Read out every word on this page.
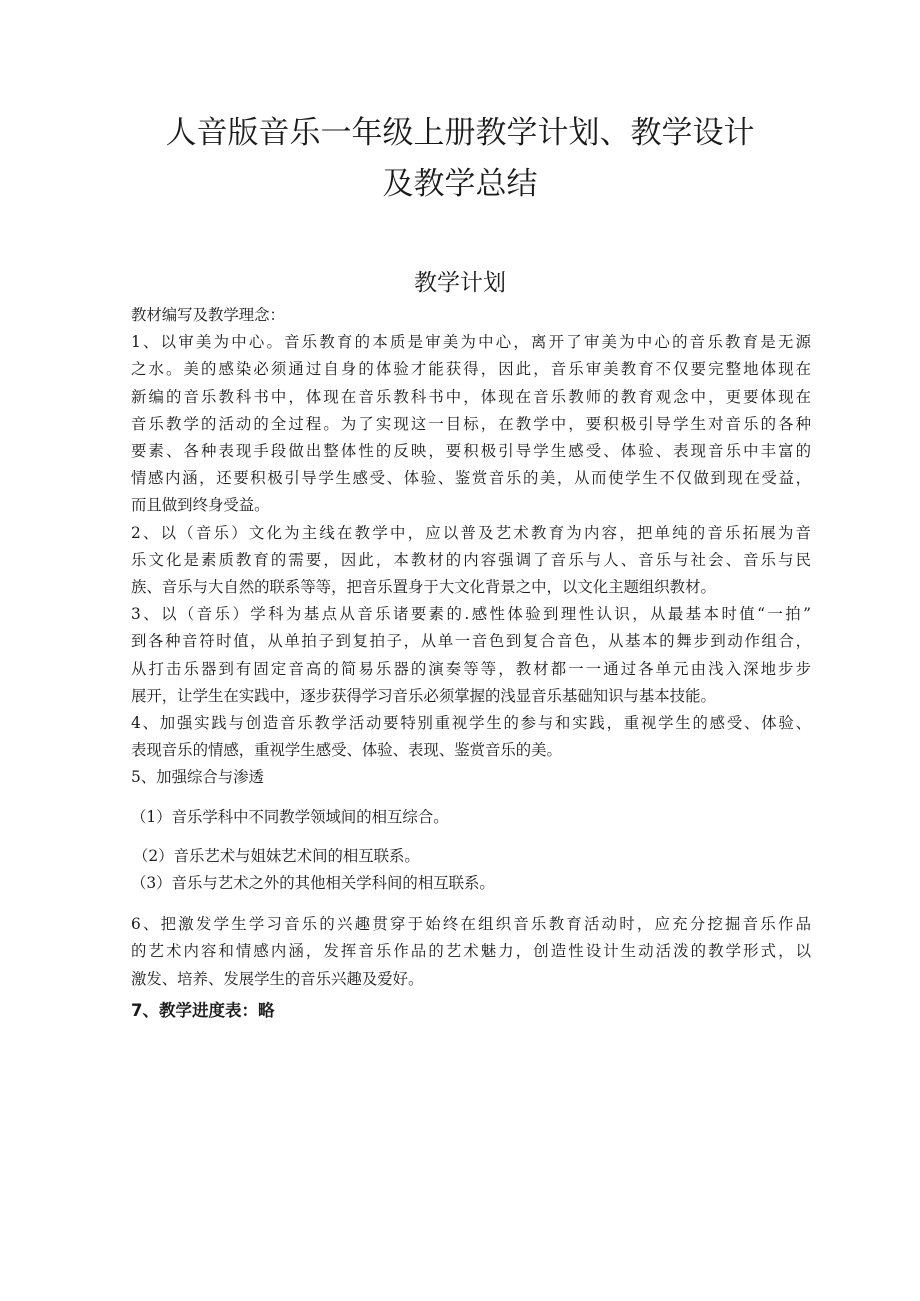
人音版音乐一年级上册教学计划、教学设计
及教学总结
教学计划

教材编写及教学理念：

1、以审美为中心。音乐教育的本质是审美为中心，离开了审美为中心的音乐教育是无源

之水。美的感染必须通过自身的体验才能获得，因此，音乐审美教育不仅要完整地体现在

新编的音乐教科书中，体现在音乐教科书中，体现在音乐教师的教育观念中，更要体现在

音乐教学的活动的全过程。为了实现这一目标，在教学中，要积极引导学生对音乐的各种

要素、各种表现手段做出整体性的反映，要积极引导学生感受、体验、表现音乐中丰富的

情感内涵，还要积极引导学生感受、体验、鉴赏音乐的美，从而使学生不仅做到现在受益，

而且做到终身受益。

2、以（音乐）文化为主线在教学中，应以普及艺术教育为内容，把单纯的音乐拓展为音

乐文化是素质教育的需要，因此，本教材的内容强调了音乐与人、音乐与社会、音乐与民

族、音乐与大自然的联系等等，把音乐置身于大文化背景之中，以文化主题组织教材。

3、以（音乐）学科为基点从音乐诸要素的.感性体验到理性认识，从最基本时值“一拍”

到各种音符时值，从单拍子到复拍子，从单一音色到复合音色，从基本的舞步到动作组合，

从打击乐器到有固定音高的简易乐器的演奏等等，教材都一一通过各单元由浅入深地步步

展开，让学生在实践中，逐步获得学习音乐必须掌握的浅显音乐基础知识与基本技能。

4、加强实践与创造音乐教学活动要特别重视学生的参与和实践，重视学生的感受、体验、

表现音乐的情感，重视学生感受、体验、表现、鉴赏音乐的美。

5、加强综合与渗透

（1）音乐学科中不同教学领域间的相互综合。

（2）音乐艺术与姐妹艺术间的相互联系。

（3）音乐与艺术之外的其他相关学科间的相互联系。

6、把激发学生学习音乐的兴趣贯穿于始终在组织音乐教育活动时，应充分挖掘音乐作品

的艺术内容和情感内涵，发挥音乐作品的艺术魅力，创造性设计生动活泼的教学形式，以

激发、培养、发展学生的音乐兴趣及爱好。

7、教学进度表：略
